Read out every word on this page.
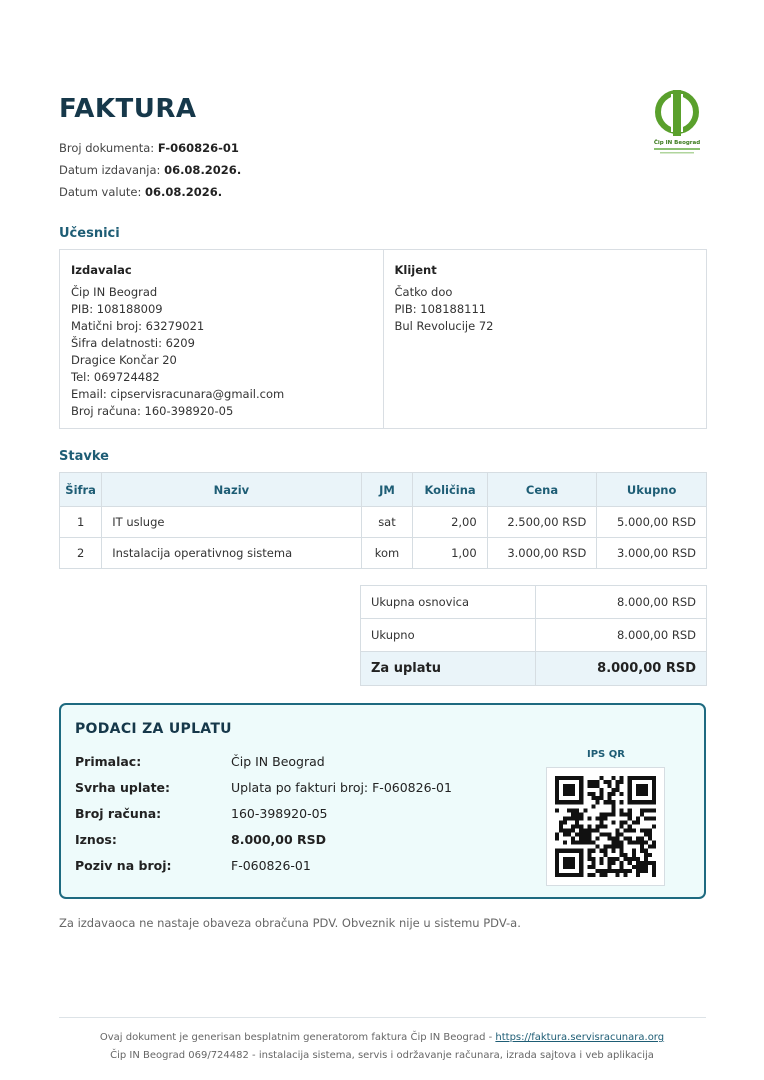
FAKTURA
Broj dokumenta: F-060826-01
Datum izdavanja: 06.08.2026.
Datum valute: 06.08.2026.
Čip IN Beograd
Učesnici
Izdavalac
Čip IN Beograd
PIB: 108188009
Matični broj: 63279021
Šifra delatnosti: 6209
Dragice Končar 20
Tel: 069724482
Email: cipservisracunara@gmail.com
Broj računa: 160-398920-05
Klijent
Čatko doo
PIB: 108188111
Bul Revolucije 72
Stavke
Šifra	Naziv	JM	Količina	Cena	Ukupno
1	IT usluge	sat	2,00	2.500,00 RSD	5.000,00 RSD
2	Instalacija operativnog sistema	kom	1,00	3.000,00 RSD	3.000,00 RSD
Ukupna osnovica	8.000,00 RSD
Ukupno	8.000,00 RSD
Za uplatu	8.000,00 RSD
PODACI ZA UPLATU
Primalac:	Čip IN Beograd
Svrha uplate:	Uplata po fakturi broj: F-060826-01
Broj računa:	160-398920-05
Iznos:	8.000,00 RSD
Poziv na broj:	F-060826-01
IPS QR
Za izdavaoca ne nastaje obaveza obračuna PDV. Obveznik nije u sistemu PDV-a.
Ovaj dokument je generisan besplatnim generatorom faktura Čip IN Beograd - https://faktura.servisracunara.org
Čip IN Beograd 069/724482 - instalacija sistema, servis i održavanje računara, izrada sajtova i veb aplikacija
